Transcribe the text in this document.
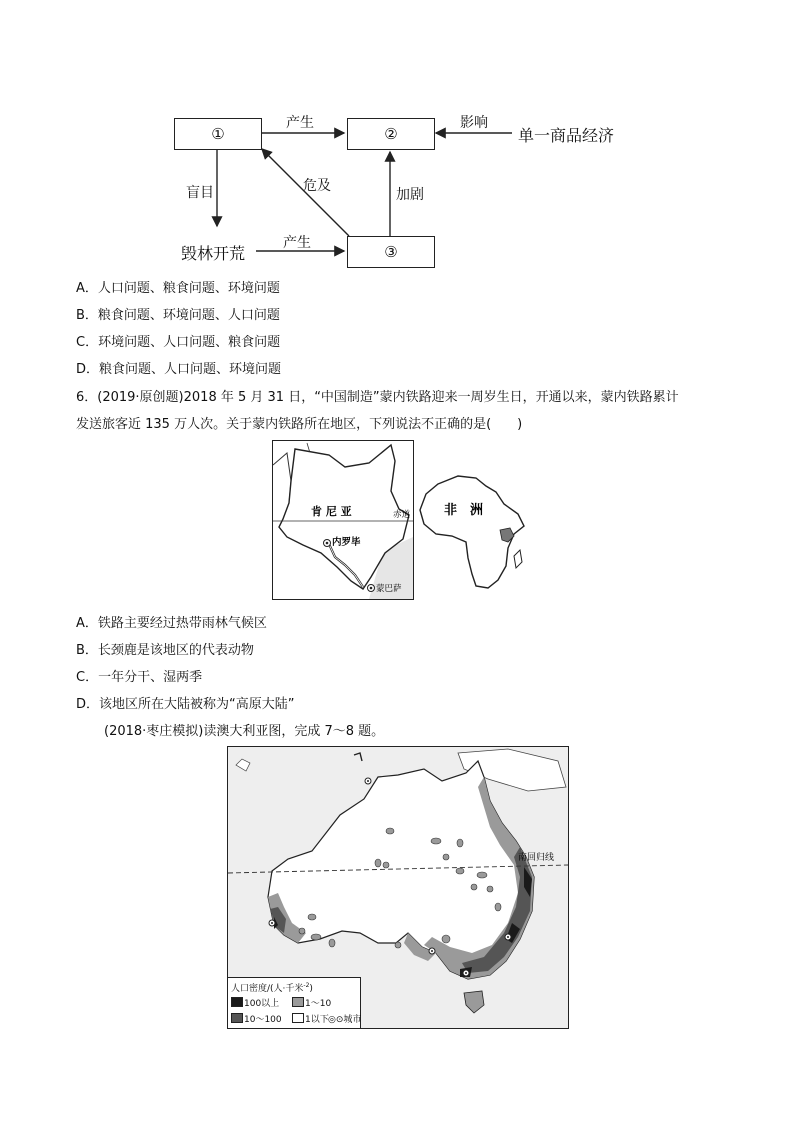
①	②
③
产生	影响
单一商品经济
盲目	危及
加剧
毁林开荒
产生
A．人口问题、粮食问题、环境问题
B．粮食问题、环境问题、人口问题
C．环境问题、人口问题、粮食问题
D．粮食问题、人口问题、环境问题
6．(2019·原创题)2018 年 5 月 31 日，“中国制造”蒙内铁路迎来一周岁生日，开通以来，蒙内铁路累计
发送旅客近 135 万人次。关于蒙内铁路所在地区，下列说法不正确的是(　　)
肯 尼 亚	赤道
内罗毕
蒙巴萨
非　洲
A．铁路主要经过热带雨林气候区
B．长颈鹿是该地区的代表动物
C．一年分干、湿两季
D．该地区所在大陆被称为“高原大陆”
(2018·枣庄模拟)读澳大利亚图，完成 7～8 题。
南回归线
人口密度/(人·千米$^{-2}$)
100以上	1～10
10～100	1以下 ◎⊙城市
